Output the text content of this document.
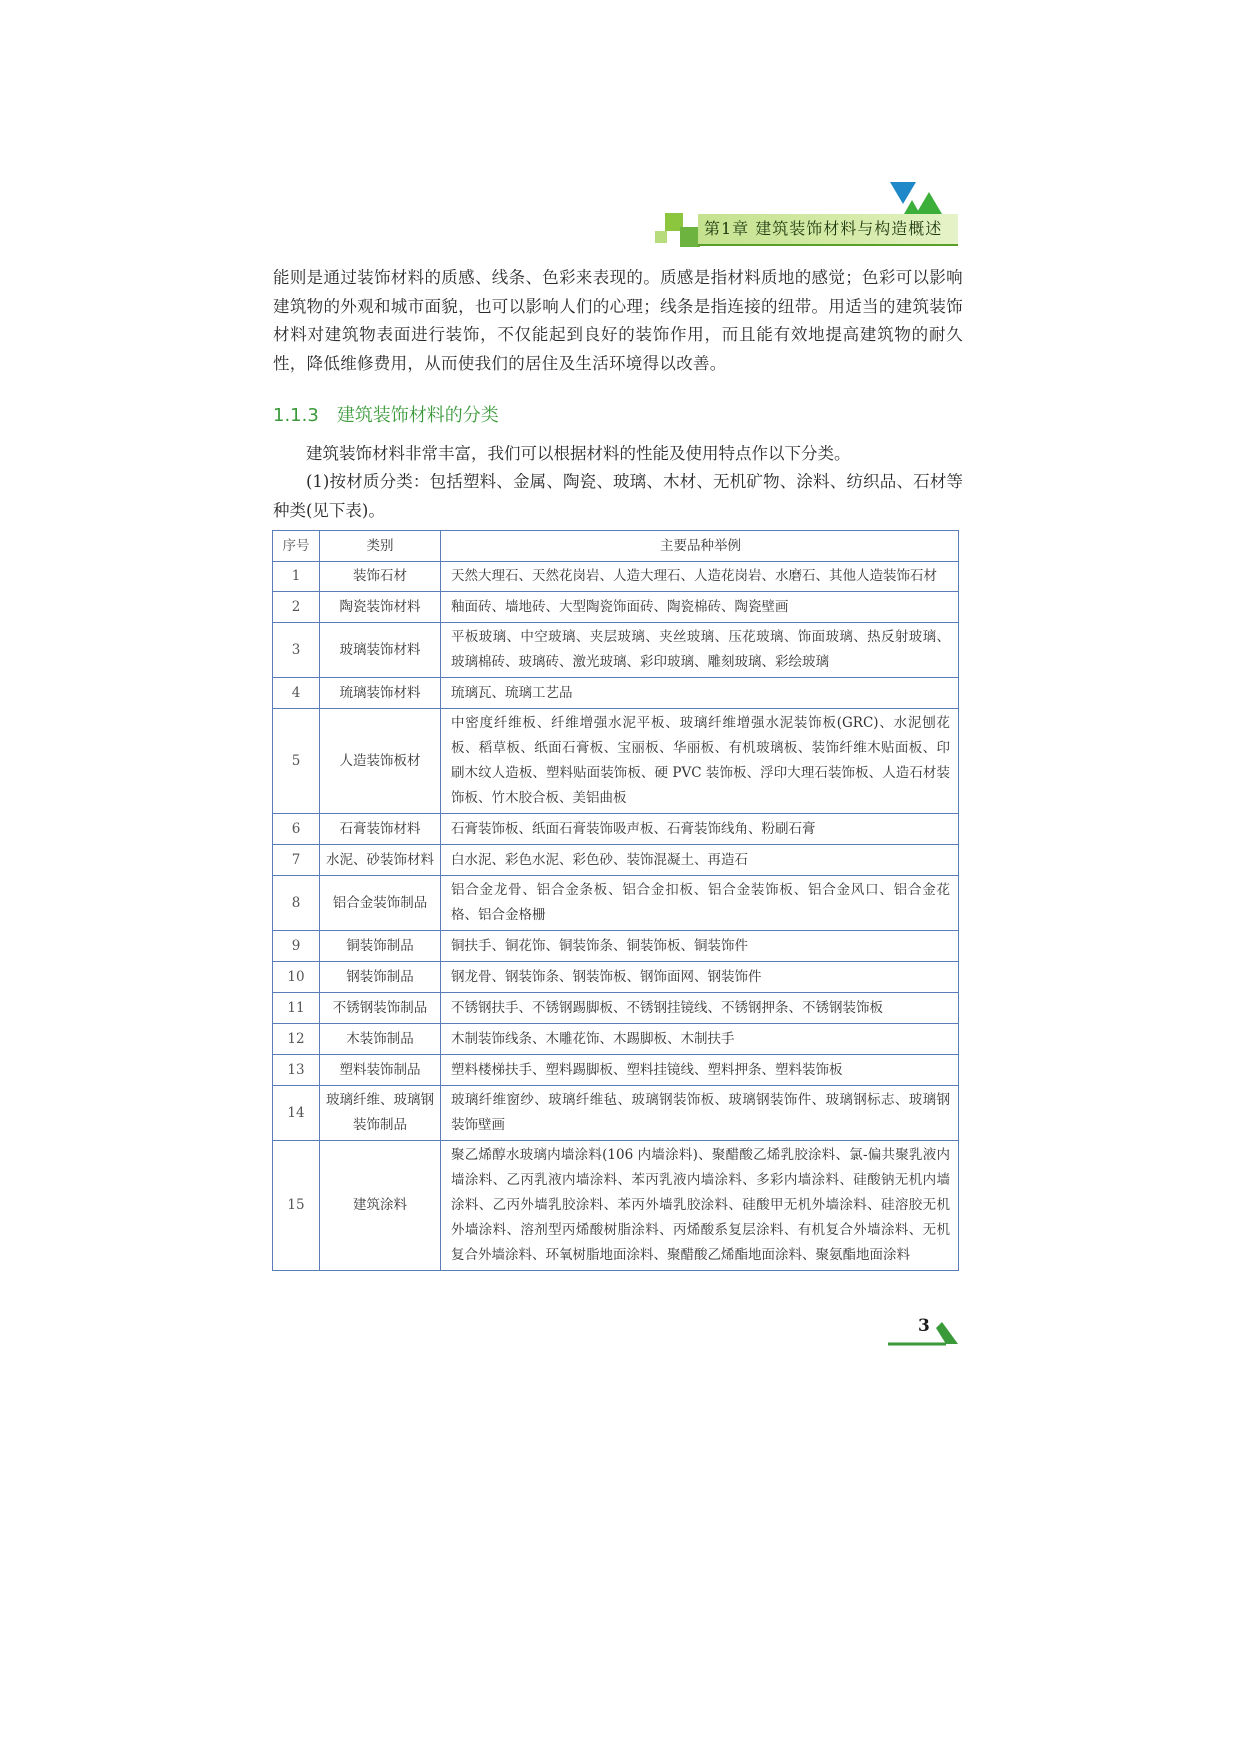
第1章 建筑装饰材料与构造概述
能则是通过装饰材料的质感、线条、色彩来表现的。质感是指材料质地的感觉；色彩可以影响建筑物的外观和城市面貌，也可以影响人们的心理；线条是指连接的纽带。用适当的建筑装饰材料对建筑物表面进行装饰，不仅能起到良好的装饰作用，而且能有效地提高建筑物的耐久性，降低维修费用，从而使我们的居住及生活环境得以改善。
1.1.3 建筑装饰材料的分类
建筑装饰材料非常丰富，我们可以根据材料的性能及使用特点作以下分类。
(1)按材质分类：包括塑料、金属、陶瓷、玻璃、木材、无机矿物、涂料、纺织品、石材等种类(见下表)。
序号	类别	主要品种举例
1	装饰石材	天然大理石、天然花岗岩、人造大理石、人造花岗岩、水磨石、其他人造装饰石材
2	陶瓷装饰材料	釉面砖、墙地砖、大型陶瓷饰面砖、陶瓷棉砖、陶瓷壁画
3	玻璃装饰材料	平板玻璃、中空玻璃、夹层玻璃、夹丝玻璃、压花玻璃、饰面玻璃、热反射玻璃、玻璃棉砖、玻璃砖、激光玻璃、彩印玻璃、雕刻玻璃、彩绘玻璃
4	琉璃装饰材料	琉璃瓦、琉璃工艺品
5	人造装饰板材	中密度纤维板、纤维增强水泥平板、玻璃纤维增强水泥装饰板(GRC)、水泥刨花板、稻草板、纸面石膏板、宝丽板、华丽板、有机玻璃板、装饰纤维木贴面板、印刷木纹人造板、塑料贴面装饰板、硬 PVC 装饰板、浮印大理石装饰板、人造石材装饰板、竹木胶合板、美铝曲板
6	石膏装饰材料	石膏装饰板、纸面石膏装饰吸声板、石膏装饰线角、粉刷石膏
7	水泥、砂装饰材料	白水泥、彩色水泥、彩色砂、装饰混凝土、再造石
8	铝合金装饰制品	铝合金龙骨、铝合金条板、铝合金扣板、铝合金装饰板、铝合金风口、铝合金花格、铝合金格栅
9	铜装饰制品	铜扶手、铜花饰、铜装饰条、铜装饰板、铜装饰件
10	钢装饰制品	钢龙骨、钢装饰条、钢装饰板、钢饰面网、钢装饰件
11	不锈钢装饰制品	不锈钢扶手、不锈钢踢脚板、不锈钢挂镜线、不锈钢押条、不锈钢装饰板
12	木装饰制品	木制装饰线条、木雕花饰、木踢脚板、木制扶手
13	塑料装饰制品	塑料楼梯扶手、塑料踢脚板、塑料挂镜线、塑料押条、塑料装饰板
14	玻璃纤维、玻璃钢装饰制品	玻璃纤维窗纱、玻璃纤维毡、玻璃钢装饰板、玻璃钢装饰件、玻璃钢标志、玻璃钢装饰壁画
15	建筑涂料	聚乙烯醇水玻璃内墙涂料(106 内墙涂料)、聚醋酸乙烯乳胶涂料、氯-偏共聚乳液内墙涂料、乙丙乳液内墙涂料、苯丙乳液内墙涂料、多彩内墙涂料、硅酸钠无机内墙涂料、乙丙外墙乳胶涂料、苯丙外墙乳胶涂料、硅酸甲无机外墙涂料、硅溶胶无机外墙涂料、溶剂型丙烯酸树脂涂料、丙烯酸系复层涂料、有机复合外墙涂料、无机复合外墙涂料、环氧树脂地面涂料、聚醋酸乙烯酯地面涂料、聚氨酯地面涂料
3
